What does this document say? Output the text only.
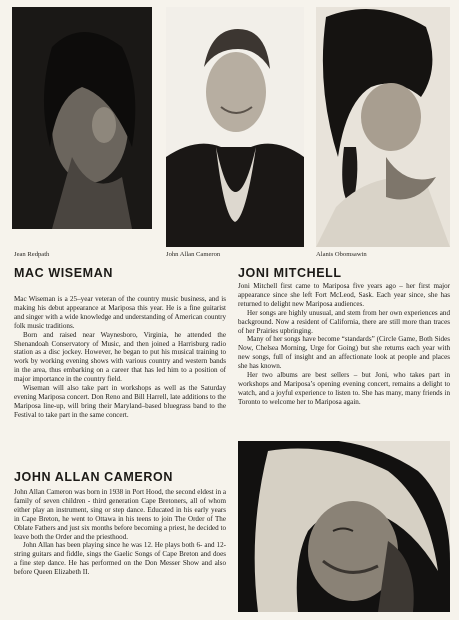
Jean Redpath	John Allan Cameron	Alanis Obomsawin
MAC WISEMAN

Mac Wiseman is a 25–year veteran of the country music business, and is making his debut appearance at Mariposa this year. He is a fine guitarist and singer with a wide knowledge and understanding of American country folk music traditions.

Born and raised near Waynesboro, Virginia, he attended the Shenandoah Conservatory of Music, and then joined a Harrisburg radio station as a disc jockey. However, he began to put his musical training to work by working evening shows with various country and western bands in the area, thus embarking on a career that has led him to a position of major importance in the country field.

Wiseman will also take part in workshops as well as the Saturday evening Mariposa concert. Don Reno and Bill Harrell, late additions to the Mariposa line-up, will bring their Maryland–based bluegrass band to the Festival to take part in the same concert.

JOHN ALLAN CAMERON

John Allan Cameron was born in 1938 in Port Hood, the second eldest in a family of seven children - third generation Cape Bretoners, all of whom either play an instrument, sing or step dance. Educated in his early years in Cape Breton, he went to Ottawa in his teens to join The Order of The Oblate Fathers and just six months before becoming a priest, he decided to leave both the Order and the priesthood.

John Allan has been playing since he was 12. He plays both 6- and 12-string guitars and fiddle, sings the Gaelic Songs of Cape Breton and does a fine step dance. He has performed on the Don Messer Show and also before Queen Elizabeth II.

JONI MITCHELL

Joni Mitchell first came to Mariposa five years ago – her first major appearance since she left Fort McLeod, Sask. Each year since, she has returned to delight new Mariposa audiences.

Her songs are highly unusual, and stem from her own experiences and background. Now a resident of California, there are still more than traces of her Prairies upbringing.

Many of her songs have become “standards” (Circle Game, Both Sides Now, Chelsea Morning, Urge for Going) but she returns each year with new songs, full of insight and an affectionate look at people and places she has known.

Her two albums are best sellers – but Joni, who takes part in workshops and Mariposa’s opening evening concert, remains a delight to watch, and a joyful experience to listen to. She has many, many friends in Toronto to welcome her to Mariposa again.
